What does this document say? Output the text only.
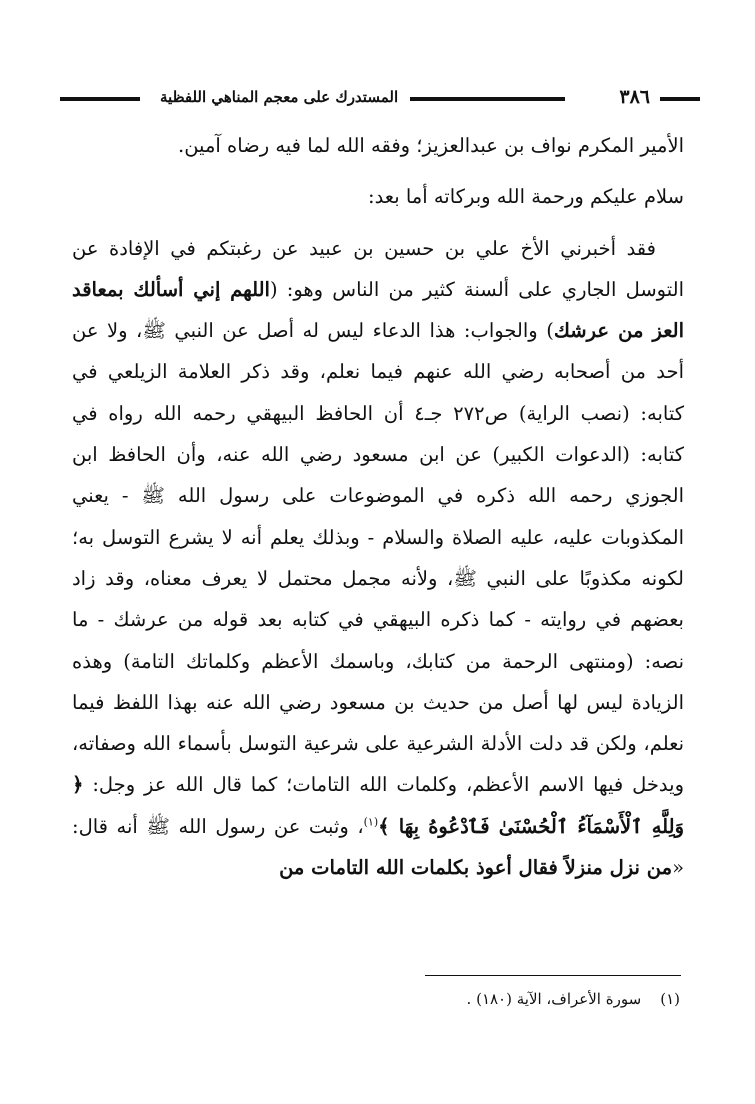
٣٨٦
المستدرك على معجم المناهي اللفظية

الأمير المكرم نواف بن عبدالعزيز؛ وفقه الله لما فيه رضاه آمين.

سلام عليكم ورحمة الله وبركاته أما بعد:

فقد أخبرني الأخ علي بن حسين بن عبيد عن رغبتكم في الإفادة عن التوسل الجاري على ألسنة كثير من الناس وهو: (اللهم إني أسألك بمعاقد العز من عرشك) والجواب: هذا الدعاء ليس له أصل عن النبي ﷺ، ولا عن أحد من أصحابه رضي الله عنهم فيما نعلم، وقد ذكر العلامة الزيلعي في كتابه: (نصب الراية) ص٢٧٢ جـ٤ أن الحافظ البيهقي رحمه الله رواه في كتابه: (الدعوات الكبير) عن ابن مسعود رضي الله عنه، وأن الحافظ ابن الجوزي رحمه الله ذكره في الموضوعات على رسول الله ﷺ - يعني المكذوبات عليه، عليه الصلاة والسلام - وبذلك يعلم أنه لا يشرع التوسل به؛ لكونه مكذوبًا على النبي ﷺ، ولأنه مجمل محتمل لا يعرف معناه، وقد زاد بعضهم في روايته - كما ذكره البيهقي في كتابه بعد قوله من عرشك - ما نصه: (ومنتهى الرحمة من كتابك، وباسمك الأعظم وكلماتك التامة) وهذه الزيادة ليس لها أصل من حديث بن مسعود رضي الله عنه بهذا اللفظ فيما نعلم، ولكن قد دلت الأدلة الشرعية على شرعية التوسل بأسماء الله وصفاته، ويدخل فيها الاسم الأعظم، وكلمات الله التامات؛ كما قال الله عز وجل: ﴿ وَلِلَّهِ ٱلْأَسْمَآءُ ٱلْحُسْنَىٰ فَٱدْعُوهُ بِهَا ﴾$^{(١)}$، وثبت عن رسول الله ﷺ أنه قال: «من نزل منزلاً فقال أعوذ بكلمات الله التامات من

(١)    سورة الأعراف، الآية (١٨٠) .
